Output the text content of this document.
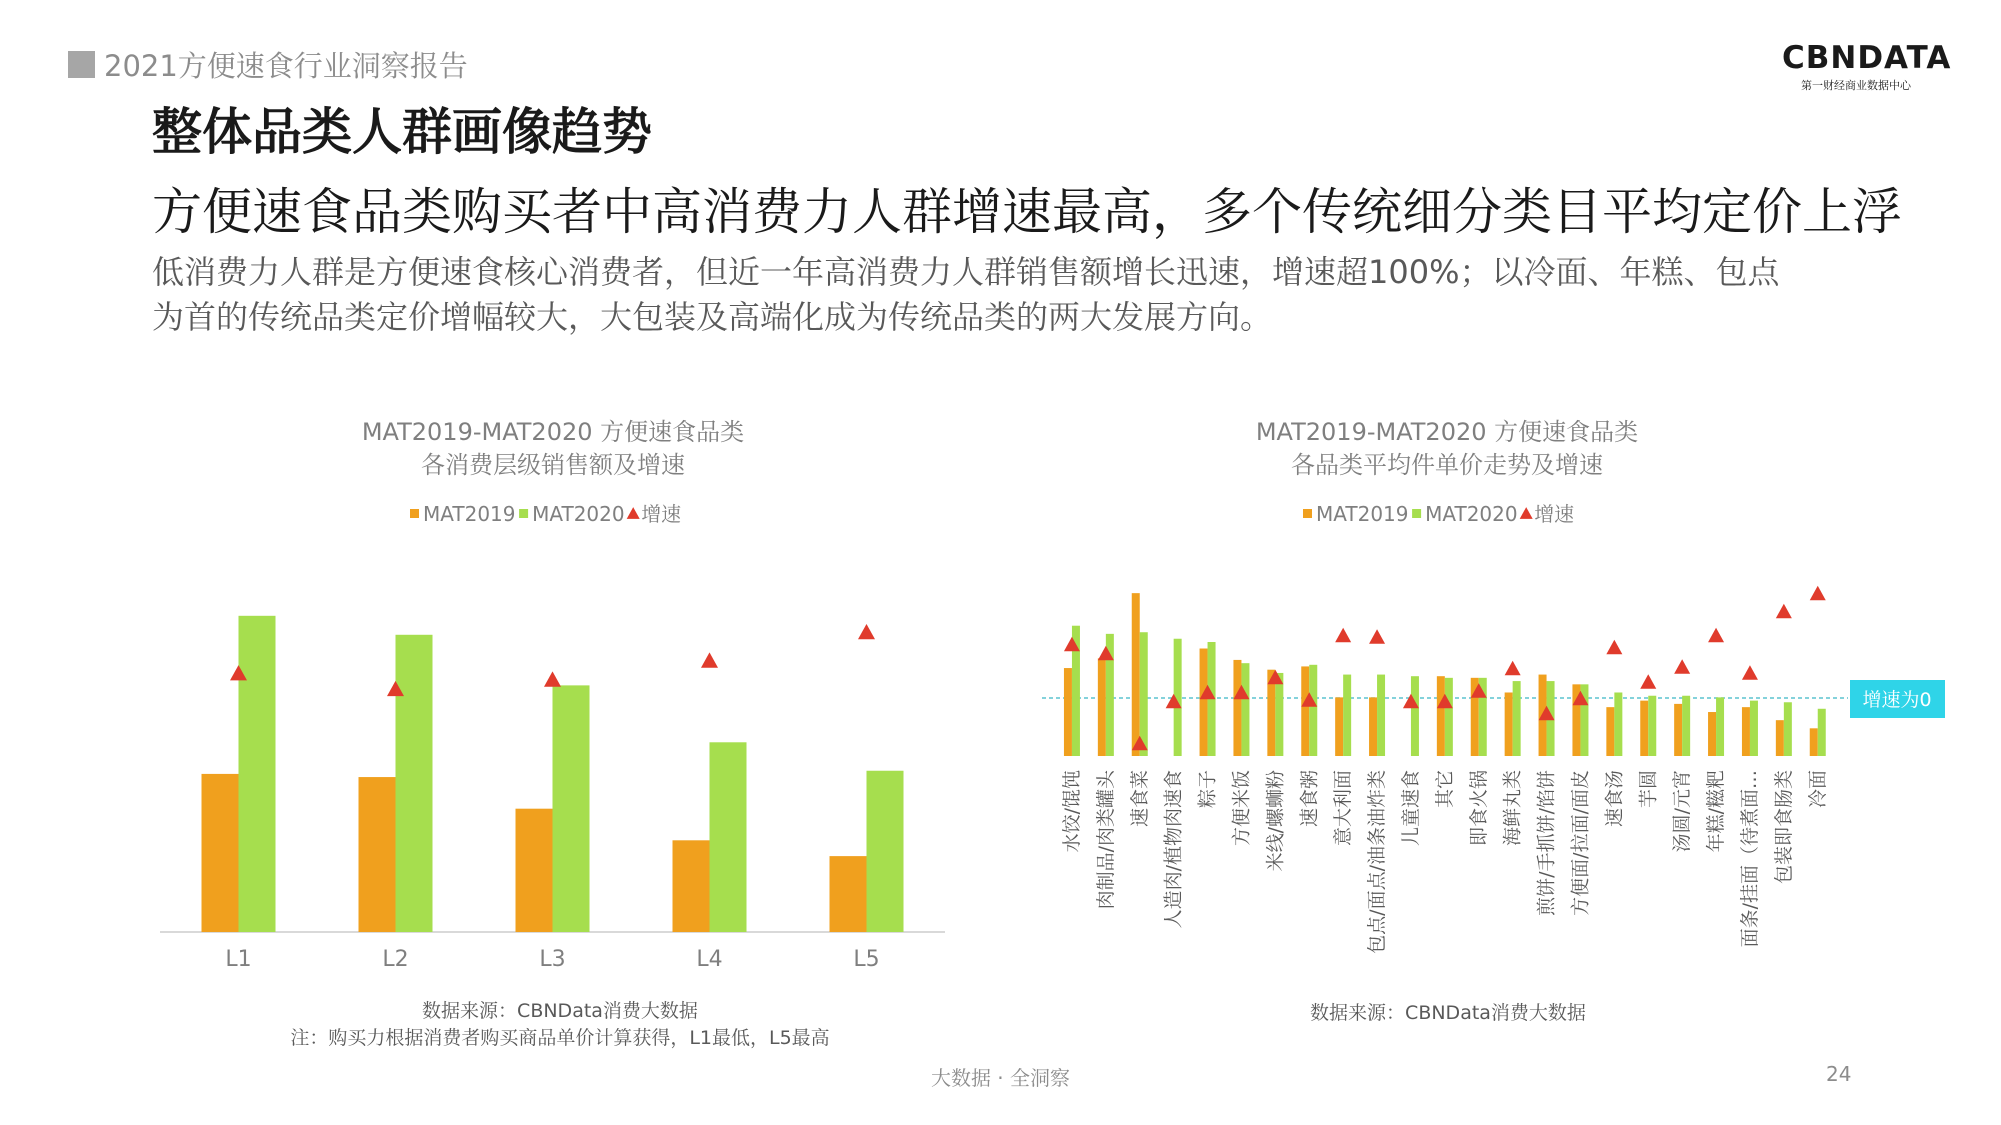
2021方便速食行业洞察报告	CBNDATA
第一财经商业数据中心
整体品类人群画像趋势
方便速食品类购买者中高消费力人群增速最高，多个传统细分类目平均定价上浮
低消费力人群是方便速食核心消费者，但近一年高消费力人群销售额增长迅速，增速超100%；以冷面、年糕、包点
为首的传统品类定价增幅较大，大包装及高端化成为传统品类的两大发展方向。
MAT2019-MAT2020 方便速食品类
各消费层级销售额及增速
MAT2019 MAT2020 增速
L1	L2	L3	L4	L5
MAT2019-MAT2020 方便速食品类
各品类平均件单价走势及增速
MAT2019 MAT2020 增速
增速为0
水饺/馄饨 肉制品/肉类罐头 速食菜 人造肉/植物肉速食 粽子 方便米饭 米线/螺蛳粉 速食粥 意大利面 包点/面点/油条油炸类 儿童速食 其它 即食火锅 海鲜丸类 煎饼/手抓饼/馅饼 方便面/拉面/面皮 速食汤 芋圆 汤圆/元宵 年糕/糍粑 面条/挂面（待煮面… 包装即食肠类 冷面
数据来源：CBNData消费大数据
注：购买力根据消费者购买商品单价计算获得，L1最低，L5最高
数据来源：CBNData消费大数据
大数据 · 全洞察	24
